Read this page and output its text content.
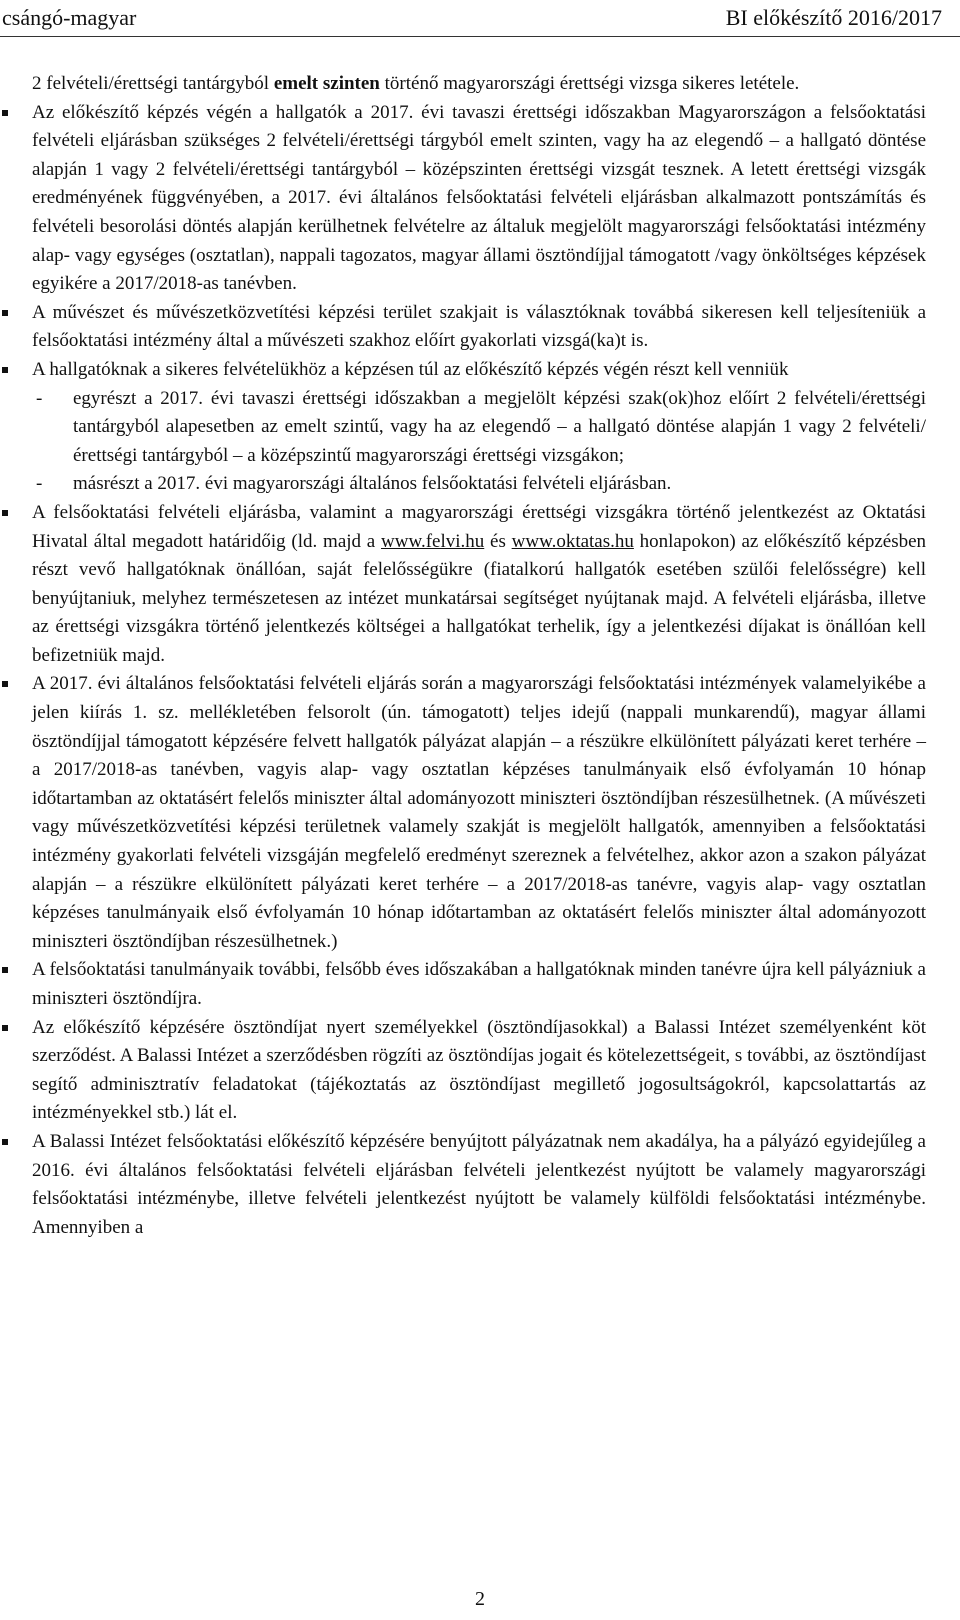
csángó-magyar	BI előkészítő 2016/2017

2 felvételi/érettségi tantárgyból emelt szinten történő magyarországi érettségi vizsga sikeres letétele.

Az előkészítő képzés végén a hallgatók a 2017. évi tavaszi érettségi időszakban Magyarországon a felsőoktatási felvételi eljárásban szükséges 2 felvételi/érettségi tárgyból emelt szinten, vagy ha az elegendő – a hallgató döntése alapján 1 vagy 2 felvételi/érettségi tantárgyból – középszinten érettségi vizsgát tesznek. A letett érettségi vizsgák eredményének függvényében, a 2017. évi általános felsőoktatási felvételi eljárásban alkalmazott pontszámítás és felvételi besorolási döntés alapján kerülhetnek felvételre az általuk megjelölt magyarországi felsőoktatási intézmény alap- vagy egységes (osztatlan), nappali tagozatos, magyar állami ösztöndíjjal támogatott /vagy önköltséges képzések egyikére a 2017/2018-as tanévben.

A művészet és művészetközvetítési képzési terület szakjait is választóknak továbbá sikeresen kell teljesíteniük a felsőoktatási intézmény által a művészeti szakhoz előírt gyakorlati vizsgá(ka)t is.

A hallgatóknak a sikeres felvételükhöz a képzésen túl az előkészítő képzés végén részt kell venniük

- egyrészt a 2017. évi tavaszi érettségi időszakban a megjelölt képzési szak(ok)hoz előírt 2 felvételi/érettségi tantárgyból alapesetben az emelt szintű, vagy ha az elegendő – a hallgató döntése alapján 1 vagy 2 felvételi/érettségi tantárgyból – a középszintű magyarországi érettségi vizsgákon;

- másrészt a 2017. évi magyarországi általános felsőoktatási felvételi eljárásban.

A felsőoktatási felvételi eljárásba, valamint a magyarországi érettségi vizsgákra történő jelentkezést az Oktatási Hivatal által megadott határidőig (ld. majd a www.felvi.hu és www.oktatas.hu honlapokon) az előkészítő képzésben részt vevő hallgatóknak önállóan, saját felelősségükre (fiatalkorú hallgatók esetében szülői felelősségre) kell benyújtaniuk, melyhez természetesen az intézet munkatársai segítséget nyújtanak majd. A felvételi eljárásba, illetve az érettségi vizsgákra történő jelentkezés költségei a hallgatókat terhelik, így a jelentkezési díjakat is önállóan kell befizetniük majd.

A 2017. évi általános felsőoktatási felvételi eljárás során a magyarországi felsőoktatási intézmények valamelyikébe a jelen kiírás 1. sz. mellékletében felsorolt (ún. támogatott) teljes idejű (nappali munkarendű), magyar állami ösztöndíjjal támogatott képzésére felvett hallgatók pályázat alapján – a részükre elkülönített pályázati keret terhére – a 2017/2018-as tanévben, vagyis alap- vagy osztatlan képzéses tanulmányaik első évfolyamán 10 hónap időtartamban az oktatásért felelős miniszter által adományozott miniszteri ösztöndíjban részesülhetnek. (A művészeti vagy művészetközvetítési képzési területnek valamely szakját is megjelölt hallgatók, amennyiben a felsőoktatási intézmény gyakorlati felvételi vizsgáján megfelelő eredményt szereznek a felvételhez, akkor azon a szakon pályázat alapján – a részükre elkülönített pályázati keret terhére – a 2017/2018-as tanévre, vagyis alap- vagy osztatlan képzéses tanulmányaik első évfolyamán 10 hónap időtartamban az oktatásért felelős miniszter által adományozott miniszteri ösztöndíjban részesülhetnek.)

A felsőoktatási tanulmányaik további, felsőbb éves időszakában a hallgatóknak minden tanévre újra kell pályázniuk a miniszteri ösztöndíjra.

Az előkészítő képzésére ösztöndíjat nyert személyekkel (ösztöndíjasokkal) a Balassi Intézet személyenként köt szerződést. A Balassi Intézet a szerződésben rögzíti az ösztöndíjas jogait és kötelezettségeit, s további, az ösztöndíjast segítő adminisztratív feladatokat (tájékoztatás az ösztöndíjast megillető jogosultságokról, kapcsolattartás az intézményekkel stb.) lát el.

A Balassi Intézet felsőoktatási előkészítő képzésére benyújtott pályázatnak nem akadálya, ha a pályázó egyidejűleg a 2016. évi általános felsőoktatási felvételi eljárásban felvételi jelentkezést nyújtott be valamely magyarországi felsőoktatási intézménybe, illetve felvételi jelentkezést nyújtott be valamely külföldi felsőoktatási intézménybe. Amennyiben a

2
